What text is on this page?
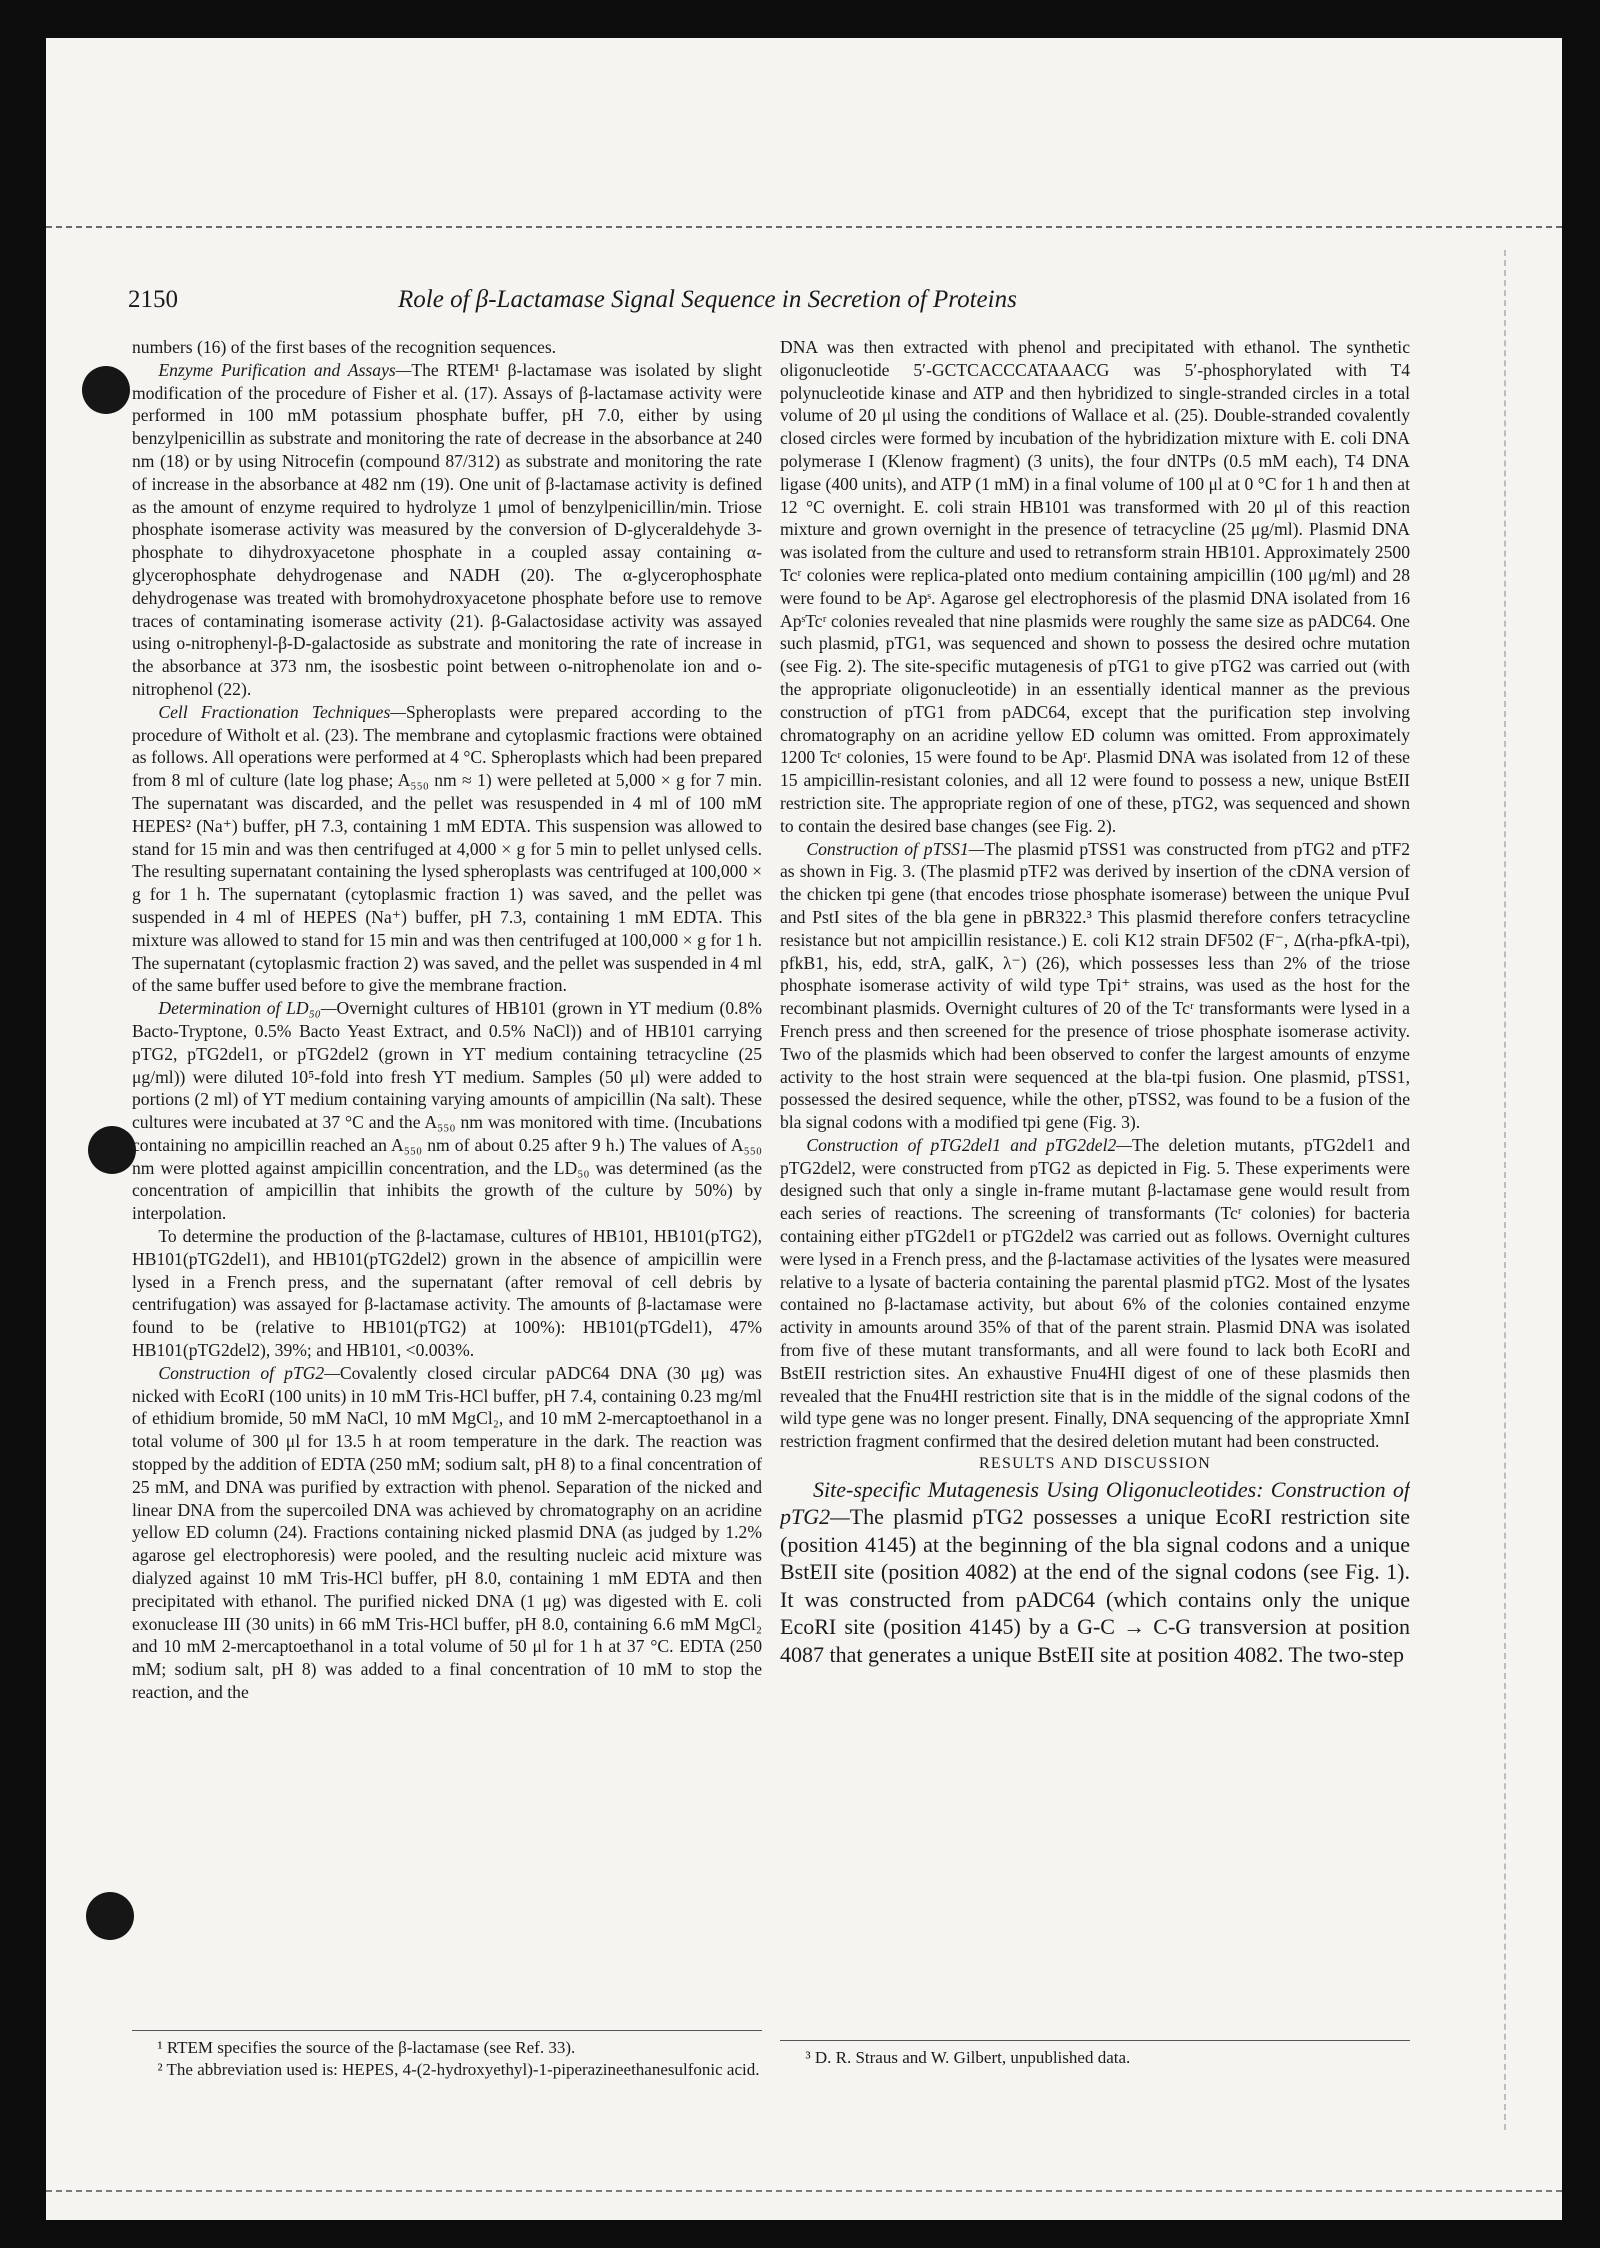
2150	Role of β-Lactamase Signal Sequence in Secretion of Proteins

numbers (16) of the first bases of the recognition sequences.

Enzyme Purification and Assays—The RTEM¹ β-lactamase was isolated by slight modification of the procedure of Fisher et al. (17). Assays of β-lactamase activity were performed in 100 mM potassium phosphate buffer, pH 7.0, either by using benzylpenicillin as substrate and monitoring the rate of decrease in the absorbance at 240 nm (18) or by using Nitrocefin (compound 87/312) as substrate and monitoring the rate of increase in the absorbance at 482 nm (19). One unit of β-lactamase activity is defined as the amount of enzyme required to hydrolyze 1 μmol of benzylpenicillin/min. Triose phosphate isomerase activity was measured by the conversion of D-glyceraldehyde 3-phosphate to dihydroxyacetone phosphate in a coupled assay containing α-glycerophosphate dehydrogenase and NADH (20). The α-glycerophosphate dehydrogenase was treated with bromohydroxyacetone phosphate before use to remove traces of contaminating isomerase activity (21). β-Galactosidase activity was assayed using o-nitrophenyl-β-D-galactoside as substrate and monitoring the rate of increase in the absorbance at 373 nm, the isosbestic point between o-nitrophenolate ion and o-nitrophenol (22).

Cell Fractionation Techniques—Spheroplasts were prepared according to the procedure of Witholt et al. (23). The membrane and cytoplasmic fractions were obtained as follows. All operations were performed at 4 °C. Spheroplasts which had been prepared from 8 ml of culture (late log phase; A₅₅₀ nm ≈ 1) were pelleted at 5,000 × g for 7 min. The supernatant was discarded, and the pellet was resuspended in 4 ml of 100 mM HEPES² (Na⁺) buffer, pH 7.3, containing 1 mM EDTA. This suspension was allowed to stand for 15 min and was then centrifuged at 4,000 × g for 5 min to pellet unlysed cells. The resulting supernatant containing the lysed spheroplasts was centrifuged at 100,000 × g for 1 h. The supernatant (cytoplasmic fraction 1) was saved, and the pellet was suspended in 4 ml of HEPES (Na⁺) buffer, pH 7.3, containing 1 mM EDTA. This mixture was allowed to stand for 15 min and was then centrifuged at 100,000 × g for 1 h. The supernatant (cytoplasmic fraction 2) was saved, and the pellet was suspended in 4 ml of the same buffer used before to give the membrane fraction.

Determination of LD₅₀—Overnight cultures of HB101 (grown in YT medium (0.8% Bacto-Tryptone, 0.5% Bacto Yeast Extract, and 0.5% NaCl)) and of HB101 carrying pTG2, pTG2del1, or pTG2del2 (grown in YT medium containing tetracycline (25 μg/ml)) were diluted 10⁵-fold into fresh YT medium. Samples (50 μl) were added to portions (2 ml) of YT medium containing varying amounts of ampicillin (Na salt). These cultures were incubated at 37 °C and the A₅₅₀ nm was monitored with time. (Incubations containing no ampicillin reached an A₅₅₀ nm of about 0.25 after 9 h.) The values of A₅₅₀ nm were plotted against ampicillin concentration, and the LD₅₀ was determined (as the concentration of ampicillin that inhibits the growth of the culture by 50%) by interpolation.

To determine the production of the β-lactamase, cultures of HB101, HB101(pTG2), HB101(pTG2del1), and HB101(pTG2del2) grown in the absence of ampicillin were lysed in a French press, and the supernatant (after removal of cell debris by centrifugation) was assayed for β-lactamase activity. The amounts of β-lactamase were found to be (relative to HB101(pTG2) at 100%): HB101(pTGdel1), 47% HB101(pTG2del2), 39%; and HB101, <0.003%.

Construction of pTG2—Covalently closed circular pADC64 DNA (30 μg) was nicked with EcoRI (100 units) in 10 mM Tris-HCl buffer, pH 7.4, containing 0.23 mg/ml of ethidium bromide, 50 mM NaCl, 10 mM MgCl₂, and 10 mM 2-mercaptoethanol in a total volume of 300 μl for 13.5 h at room temperature in the dark. The reaction was stopped by the addition of EDTA (250 mM; sodium salt, pH 8) to a final concentration of 25 mM, and DNA was purified by extraction with phenol. Separation of the nicked and linear DNA from the supercoiled DNA was achieved by chromatography on an acridine yellow ED column (24). Fractions containing nicked plasmid DNA (as judged by 1.2% agarose gel electrophoresis) were pooled, and the resulting nucleic acid mixture was dialyzed against 10 mM Tris-HCl buffer, pH 8.0, containing 1 mM EDTA and then precipitated with ethanol. The purified nicked DNA (1 μg) was digested with E. coli exonuclease III (30 units) in 66 mM Tris-HCl buffer, pH 8.0, containing 6.6 mM MgCl₂ and 10 mM 2-mercaptoethanol in a total volume of 50 μl for 1 h at 37 °C. EDTA (250 mM; sodium salt, pH 8) was added to a final concentration of 10 mM to stop the reaction, and the

DNA was then extracted with phenol and precipitated with ethanol. The synthetic oligonucleotide 5′-GCTCACCCATAAACG was 5′-phosphorylated with T4 polynucleotide kinase and ATP and then hybridized to single-stranded circles in a total volume of 20 μl using the conditions of Wallace et al. (25). Double-stranded covalently closed circles were formed by incubation of the hybridization mixture with E. coli DNA polymerase I (Klenow fragment) (3 units), the four dNTPs (0.5 mM each), T4 DNA ligase (400 units), and ATP (1 mM) in a final volume of 100 μl at 0 °C for 1 h and then at 12 °C overnight. E. coli strain HB101 was transformed with 20 μl of this reaction mixture and grown overnight in the presence of tetracycline (25 μg/ml). Plasmid DNA was isolated from the culture and used to retransform strain HB101. Approximately 2500 Tcʳ colonies were replica-plated onto medium containing ampicillin (100 μg/ml) and 28 were found to be Apˢ. Agarose gel electrophoresis of the plasmid DNA isolated from 16 ApˢTcʳ colonies revealed that nine plasmids were roughly the same size as pADC64. One such plasmid, pTG1, was sequenced and shown to possess the desired ochre mutation (see Fig. 2). The site-specific mutagenesis of pTG1 to give pTG2 was carried out (with the appropriate oligonucleotide) in an essentially identical manner as the previous construction of pTG1 from pADC64, except that the purification step involving chromatography on an acridine yellow ED column was omitted. From approximately 1200 Tcʳ colonies, 15 were found to be Apʳ. Plasmid DNA was isolated from 12 of these 15 ampicillin-resistant colonies, and all 12 were found to possess a new, unique BstEII restriction site. The appropriate region of one of these, pTG2, was sequenced and shown to contain the desired base changes (see Fig. 2).

Construction of pTSS1—The plasmid pTSS1 was constructed from pTG2 and pTF2 as shown in Fig. 3. (The plasmid pTF2 was derived by insertion of the cDNA version of the chicken tpi gene (that encodes triose phosphate isomerase) between the unique PvuI and PstI sites of the bla gene in pBR322.³ This plasmid therefore confers tetracycline resistance but not ampicillin resistance.) E. coli K12 strain DF502 (F⁻, Δ(rha-pfkA-tpi), pfkB1, his, edd, strA, galK, λ⁻) (26), which possesses less than 2% of the triose phosphate isomerase activity of wild type Tpi⁺ strains, was used as the host for the recombinant plasmids. Overnight cultures of 20 of the Tcʳ transformants were lysed in a French press and then screened for the presence of triose phosphate isomerase activity. Two of the plasmids which had been observed to confer the largest amounts of enzyme activity to the host strain were sequenced at the bla-tpi fusion. One plasmid, pTSS1, possessed the desired sequence, while the other, pTSS2, was found to be a fusion of the bla signal codons with a modified tpi gene (Fig. 3).

Construction of pTG2del1 and pTG2del2—The deletion mutants, pTG2del1 and pTG2del2, were constructed from pTG2 as depicted in Fig. 5. These experiments were designed such that only a single in-frame mutant β-lactamase gene would result from each series of reactions. The screening of transformants (Tcʳ colonies) for bacteria containing either pTG2del1 or pTG2del2 was carried out as follows. Overnight cultures were lysed in a French press, and the β-lactamase activities of the lysates were measured relative to a lysate of bacteria containing the parental plasmid pTG2. Most of the lysates contained no β-lactamase activity, but about 6% of the colonies contained enzyme activity in amounts around 35% of that of the parent strain. Plasmid DNA was isolated from five of these mutant transformants, and all were found to lack both EcoRI and BstEII restriction sites. An exhaustive Fnu4HI digest of one of these plasmids then revealed that the Fnu4HI restriction site that is in the middle of the signal codons of the wild type gene was no longer present. Finally, DNA sequencing of the appropriate XmnI restriction fragment confirmed that the desired deletion mutant had been constructed.

RESULTS AND DISCUSSION

Site-specific Mutagenesis Using Oligonucleotides: Construction of pTG2—The plasmid pTG2 possesses a unique EcoRI restriction site (position 4145) at the beginning of the bla signal codons and a unique BstEII site (position 4082) at the end of the signal codons (see Fig. 1). It was constructed from pADC64 (which contains only the unique EcoRI site (position 4145) by a G-C → C-G transversion at position 4087 that generates a unique BstEII site at position 4082. The two-step

¹ RTEM specifies the source of the β-lactamase (see Ref. 33).

² The abbreviation used is: HEPES, 4-(2-hydroxyethyl)-1-piperazineethanesulfonic acid.

³ D. R. Straus and W. Gilbert, unpublished data.
